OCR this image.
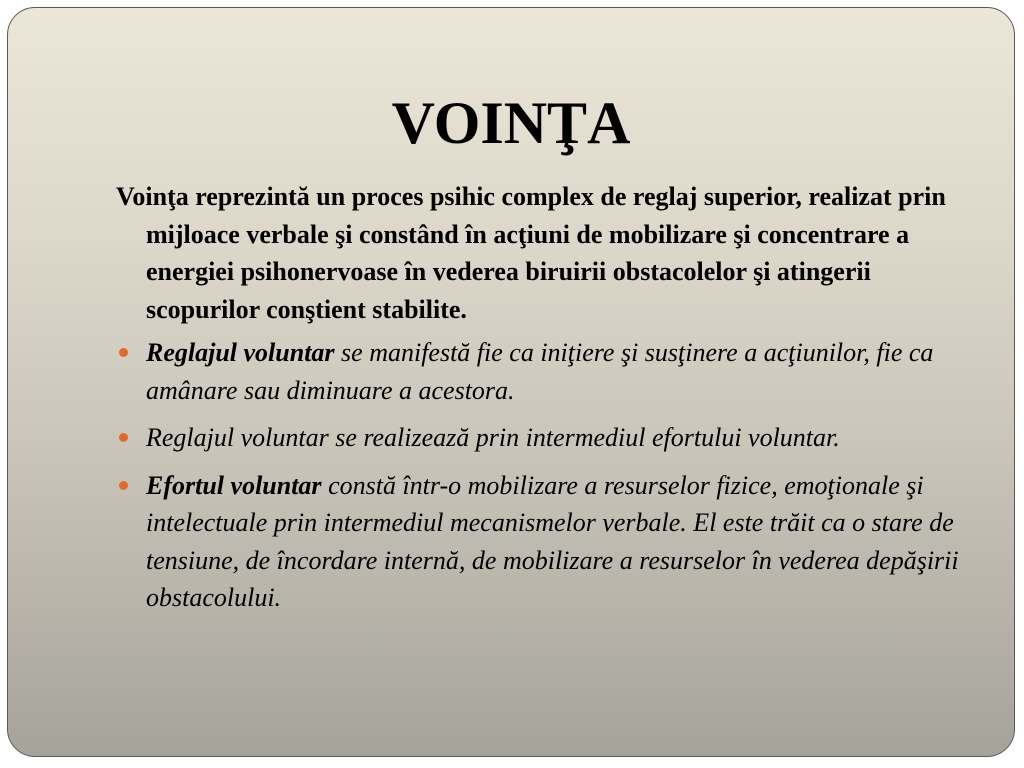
VOINŢA

Voinţa reprezintă un proces psihic complex de reglaj superior, realizat prin mijloace verbale şi constând în acţiuni de mobilizare şi concentrare a energiei psihonervoase în vederea biruirii obstacolelor şi atingerii scopurilor conştient stabilite.

Reglajul voluntar se manifestă fie ca iniţiere şi susţinere a acţiunilor, fie ca amânare sau diminuare a acestora.
Reglajul voluntar se realizează prin intermediul efortului voluntar.
Efortul voluntar constă într-o mobilizare a resurselor fizice, emoţionale şi intelectuale prin intermediul mecanismelor verbale. El este trăit ca o stare de tensiune, de încordare internă, de mobilizare a resurselor în vederea depăşirii obstacolului.
